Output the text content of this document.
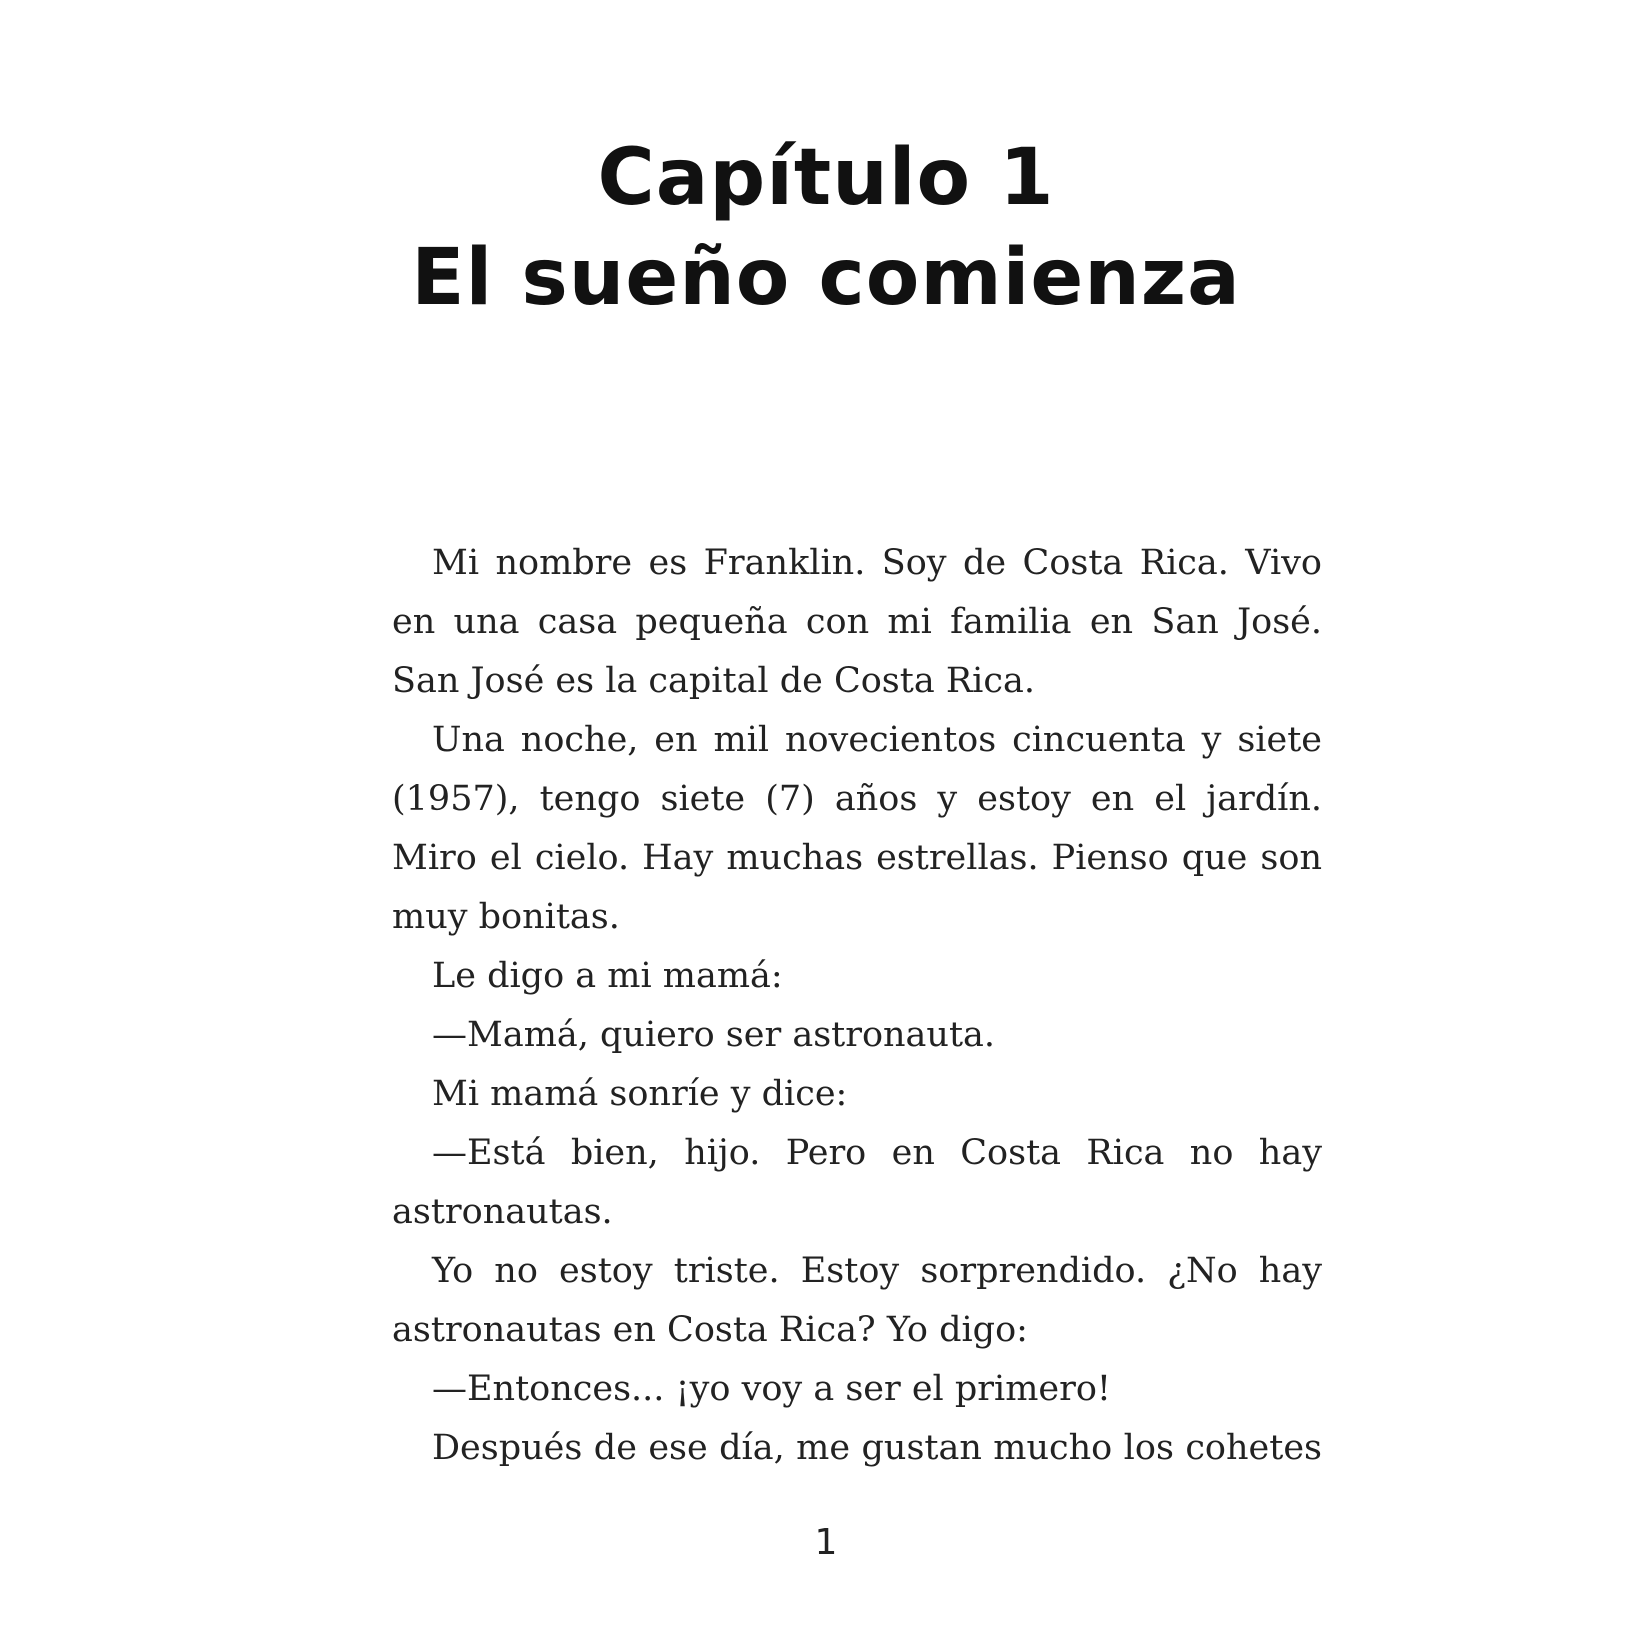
Capítulo 1
El sueño comienza

Mi nombre es Franklin. Soy de Costa Rica. Vivo en una casa pequeña con mi familia en San José. San José es la capital de Costa Rica.

Una noche, en mil novecientos cincuenta y siete (1957), tengo siete (7) años y estoy en el jardín. Miro el cielo. Hay muchas estrellas. Pienso que son muy bonitas.

Le digo a mi mamá:

—Mamá, quiero ser astronauta.

Mi mamá sonríe y dice:

—Está bien, hijo. Pero en Costa Rica no hay astronautas.

Yo no estoy triste. Estoy sorprendido. ¿No hay astronautas en Costa Rica? Yo digo:

—Entonces... ¡yo voy a ser el primero!

Después de ese día, me gustan mucho los cohetes

1
